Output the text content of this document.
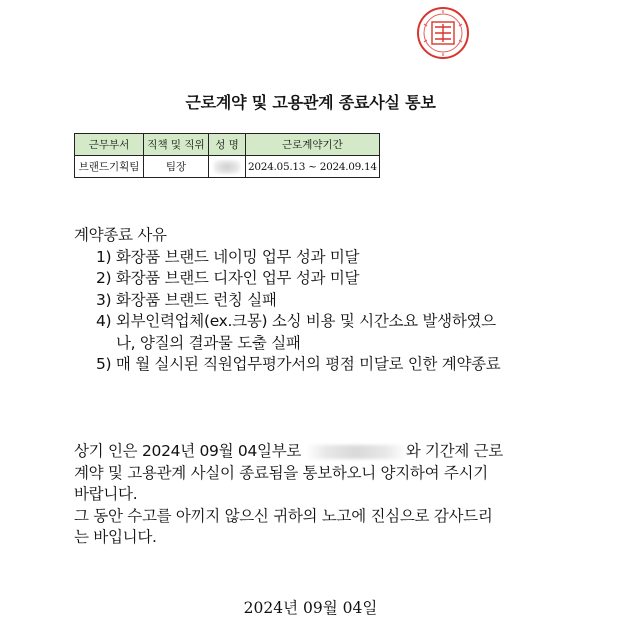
근로계약 및 고용관계 종료사실 통보
근무부서	직책 및 직위	성 명	근로계약기간
브랜드기획팀	팀장		2024.05.13 ~ 2024.09.14
계약종료 사유
1) 화장품 브랜드 네이밍 업무 성과 미달
2) 화장품 브랜드 디자인 업무 성과 미달
3) 화장품 브랜드 런칭 실패
4) 외부인력업체(ex.크몽) 소싱 비용 및 시간소요 발생하였으
나, 양질의 결과물 도출 실패
5) 매 월 실시된 직원업무평가서의 평점 미달로 인한 계약종료
상기 인은 2024년 09월 04일부로	와 기간제 근로
계약 및 고용관계 사실이 종료됨을 통보하오니 양지하여 주시기
바랍니다.
그 동안 수고를 아끼지 않으신 귀하의 노고에 진심으로 감사드리
는 바입니다.
2024년 09월 04일
